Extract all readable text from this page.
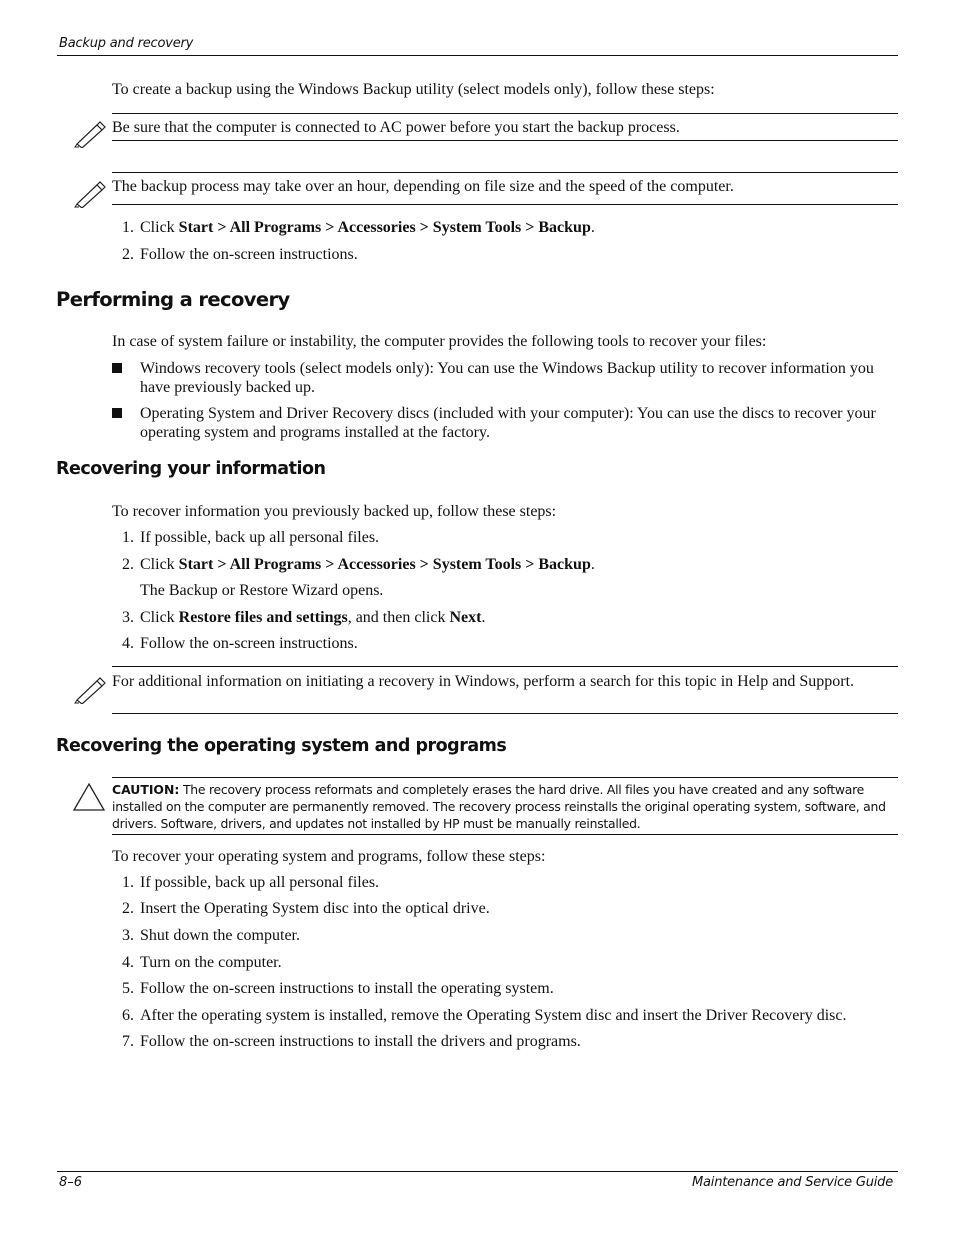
Backup and recovery
To create a backup using the Windows Backup utility (select models only), follow these steps:
Be sure that the computer is connected to AC power before you start the backup process.
The backup process may take over an hour, depending on file size and the speed of the computer.
1. Click Start > All Programs > Accessories > System Tools > Backup.
2. Follow the on-screen instructions.
Performing a recovery
In case of system failure or instability, the computer provides the following tools to recover your files:
Windows recovery tools (select models only): You can use the Windows Backup utility to recover information you have previously backed up.
Operating System and Driver Recovery discs (included with your computer): You can use the discs to recover your operating system and programs installed at the factory.
Recovering your information
To recover information you previously backed up, follow these steps:
1. If possible, back up all personal files.
2. Click Start > All Programs > Accessories > System Tools > Backup.
The Backup or Restore Wizard opens.
3. Click Restore files and settings, and then click Next.
4. Follow the on-screen instructions.
For additional information on initiating a recovery in Windows, perform a search for this topic in Help and Support.
Recovering the operating system and programs
CAUTION: The recovery process reformats and completely erases the hard drive. All files you have created and any software installed on the computer are permanently removed. The recovery process reinstalls the original operating system, software, and drivers. Software, drivers, and updates not installed by HP must be manually reinstalled.
To recover your operating system and programs, follow these steps:
1. If possible, back up all personal files.
2. Insert the Operating System disc into the optical drive.
3. Shut down the computer.
4. Turn on the computer.
5. Follow the on-screen instructions to install the operating system.
6. After the operating system is installed, remove the Operating System disc and insert the Driver Recovery disc.
7. Follow the on-screen instructions to install the drivers and programs.
8–6	Maintenance and Service Guide
